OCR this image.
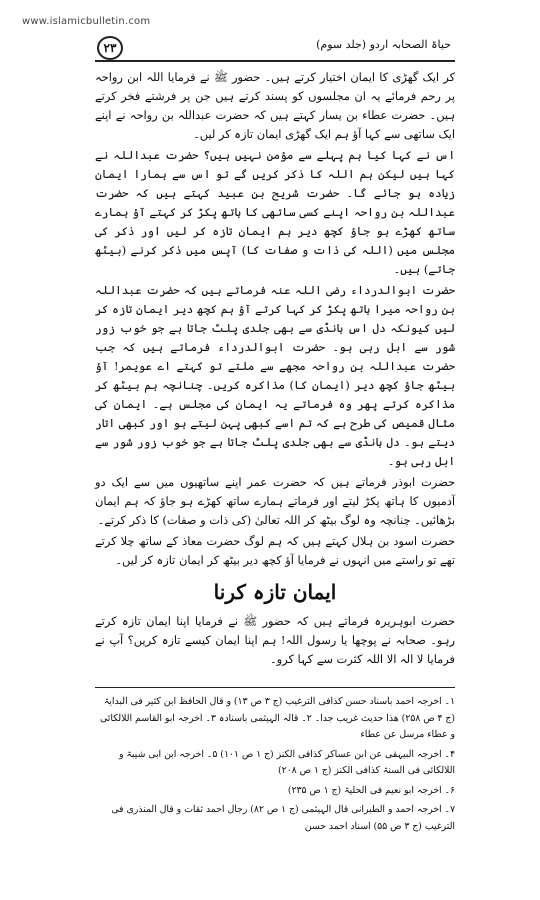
www.islamicbulletin.com
۲۳	حیاۃ الصحابہ اردو (جلد سوم)

کر ایک گھڑی کا ایمان اختیار کرتے ہیں۔ حضور ﷺ نے فرمایا اللہ ابن رواحہ پر رحم فرمائے یہ ان مجلسوں کو پسند کرتے ہیں جن پر فرشتے فخر کرتے ہیں۔ حضرت عطاء بن یسار کہتے ہیں کہ حضرت عبداللہ بن رواحہ نے اپنے ایک ساتھی سے کہا آؤ ہم ایک گھڑی ایمان تازہ کر لیں۔

اس نے کہا کیا ہم پہلے سے مؤمن نہیں ہیں؟ حضرت عبداللہ نے کہا ہیں لیکن ہم اللہ کا ذکر کریں گے تو اس سے ہمارا ایمان زیادہ ہو جائے گا۔ حضرت شریح بن عبید کہتے ہیں کہ حضرت عبداللہ بن رواحہ اپنے کسی ساتھی کا ہاتھ پکڑ کر کہتے آؤ ہمارے ساتھ کھڑے ہو جاؤ کچھ دیر ہم ایمان تازہ کر لیں اور ذکر کی مجلس میں (اللہ کی ذات و صفات کا) آپس میں ذکر کرنے (بیٹھ جاتے) ہیں۔

حضرت ابوالدرداء رضی اللہ عنہ فرماتے ہیں کہ حضرت عبداللہ بن رواحہ میرا ہاتھ پکڑ کر کہا کرتے آؤ ہم کچھ دیر ایمان تازہ کر لیں کیونکہ دل اس ہانڈی سے بھی جلدی پلٹ جاتا ہے جو خوب زور شور سے ابل رہی ہو۔ حضرت ابوالدرداء فرماتے ہیں کہ جب حضرت عبداللہ بن رواحہ مجھے سے ملتے تو کہتے اے عویمر! آؤ بیٹھ جاؤ کچھ دیر (ایمان کا) مذاکرہ کریں۔ چنانچہ ہم بیٹھ کر مذاکرہ کرتے پھر وہ فرماتے یہ ایمان کی مجلس ہے۔ ایمان کی مثال قمیص کی طرح ہے کہ تم اسے کبھی پہن لیتے ہو اور کبھی اتار دیتے ہو۔ دل ہانڈی سے بھی جلدی پلٹ جاتا ہے جو خوب زور شور سے ابل رہی ہو۔

حضرت ابوذر فرماتے ہیں کہ حضرت عمر اپنے ساتھیوں میں سے ایک دو آدمیوں کا ہاتھ پکڑ لیتے اور فرماتے ہمارے ساتھ کھڑے ہو جاؤ کہ ہم ایمان بڑھائیں۔ چنانچہ وہ لوگ بیٹھ کر اللہ تعالیٰ (کی ذات و صفات) کا ذکر کرتے۔

حضرت اسود بن ہلال کہتے ہیں کہ ہم لوگ حضرت معاذ کے ساتھ چلا کرتے تھے تو راستے میں انہوں نے فرمایا آؤ کچھ دیر بیٹھ کر ایمان تازہ کر لیں۔

ایمان تازہ کرنا

حضرت ابوہریرہ فرماتے ہیں کہ حضور ﷺ نے فرمایا اپنا ایمان تازہ کرتے رہو۔ صحابہ نے پوچھا یا رسول اللہ! ہم اپنا ایمان کیسے تازہ کریں؟ آپ نے فرمایا لا الہ الا اللہ کثرت سے کہا کرو۔

۱۔ اخرجہ احمد باسناد حسن کذافی الترغیب (ج ۳ ص ۱۳) و قال الحافظ ابن کثیر فی البدایۃ (ج ۴ ص ۲۵۸) ھذا حدیث غریب جدا۔ ۲۔ قالہ الہیثمی باسنادہ ۳۔ اخرجہ ابو القاسم اللالکائی و عطاء مرسل عن عطاء

۴۔ اخرجہ البیہقی عن ابن عساکر کذافی الکنز (ج ۱ ص ۱۰۱) ۵۔ اخرجہ ابن ابی شیبۃ و اللالکائی فی السنۃ کذافی الکنز (ج ۱ ص ۲۰۸)

۶۔ اخرجہ ابو نعیم فی الحلیۃ (ج ۱ ص ۲۳۵)

۷۔ اخرجہ احمد و الطبرانی قال الہیثمی (ج ۱ ص ۸۲) رجال احمد ثقات و قال المنذری فی الترغیب (ج ۳ ص ۵۵) اسناد احمد حسن
